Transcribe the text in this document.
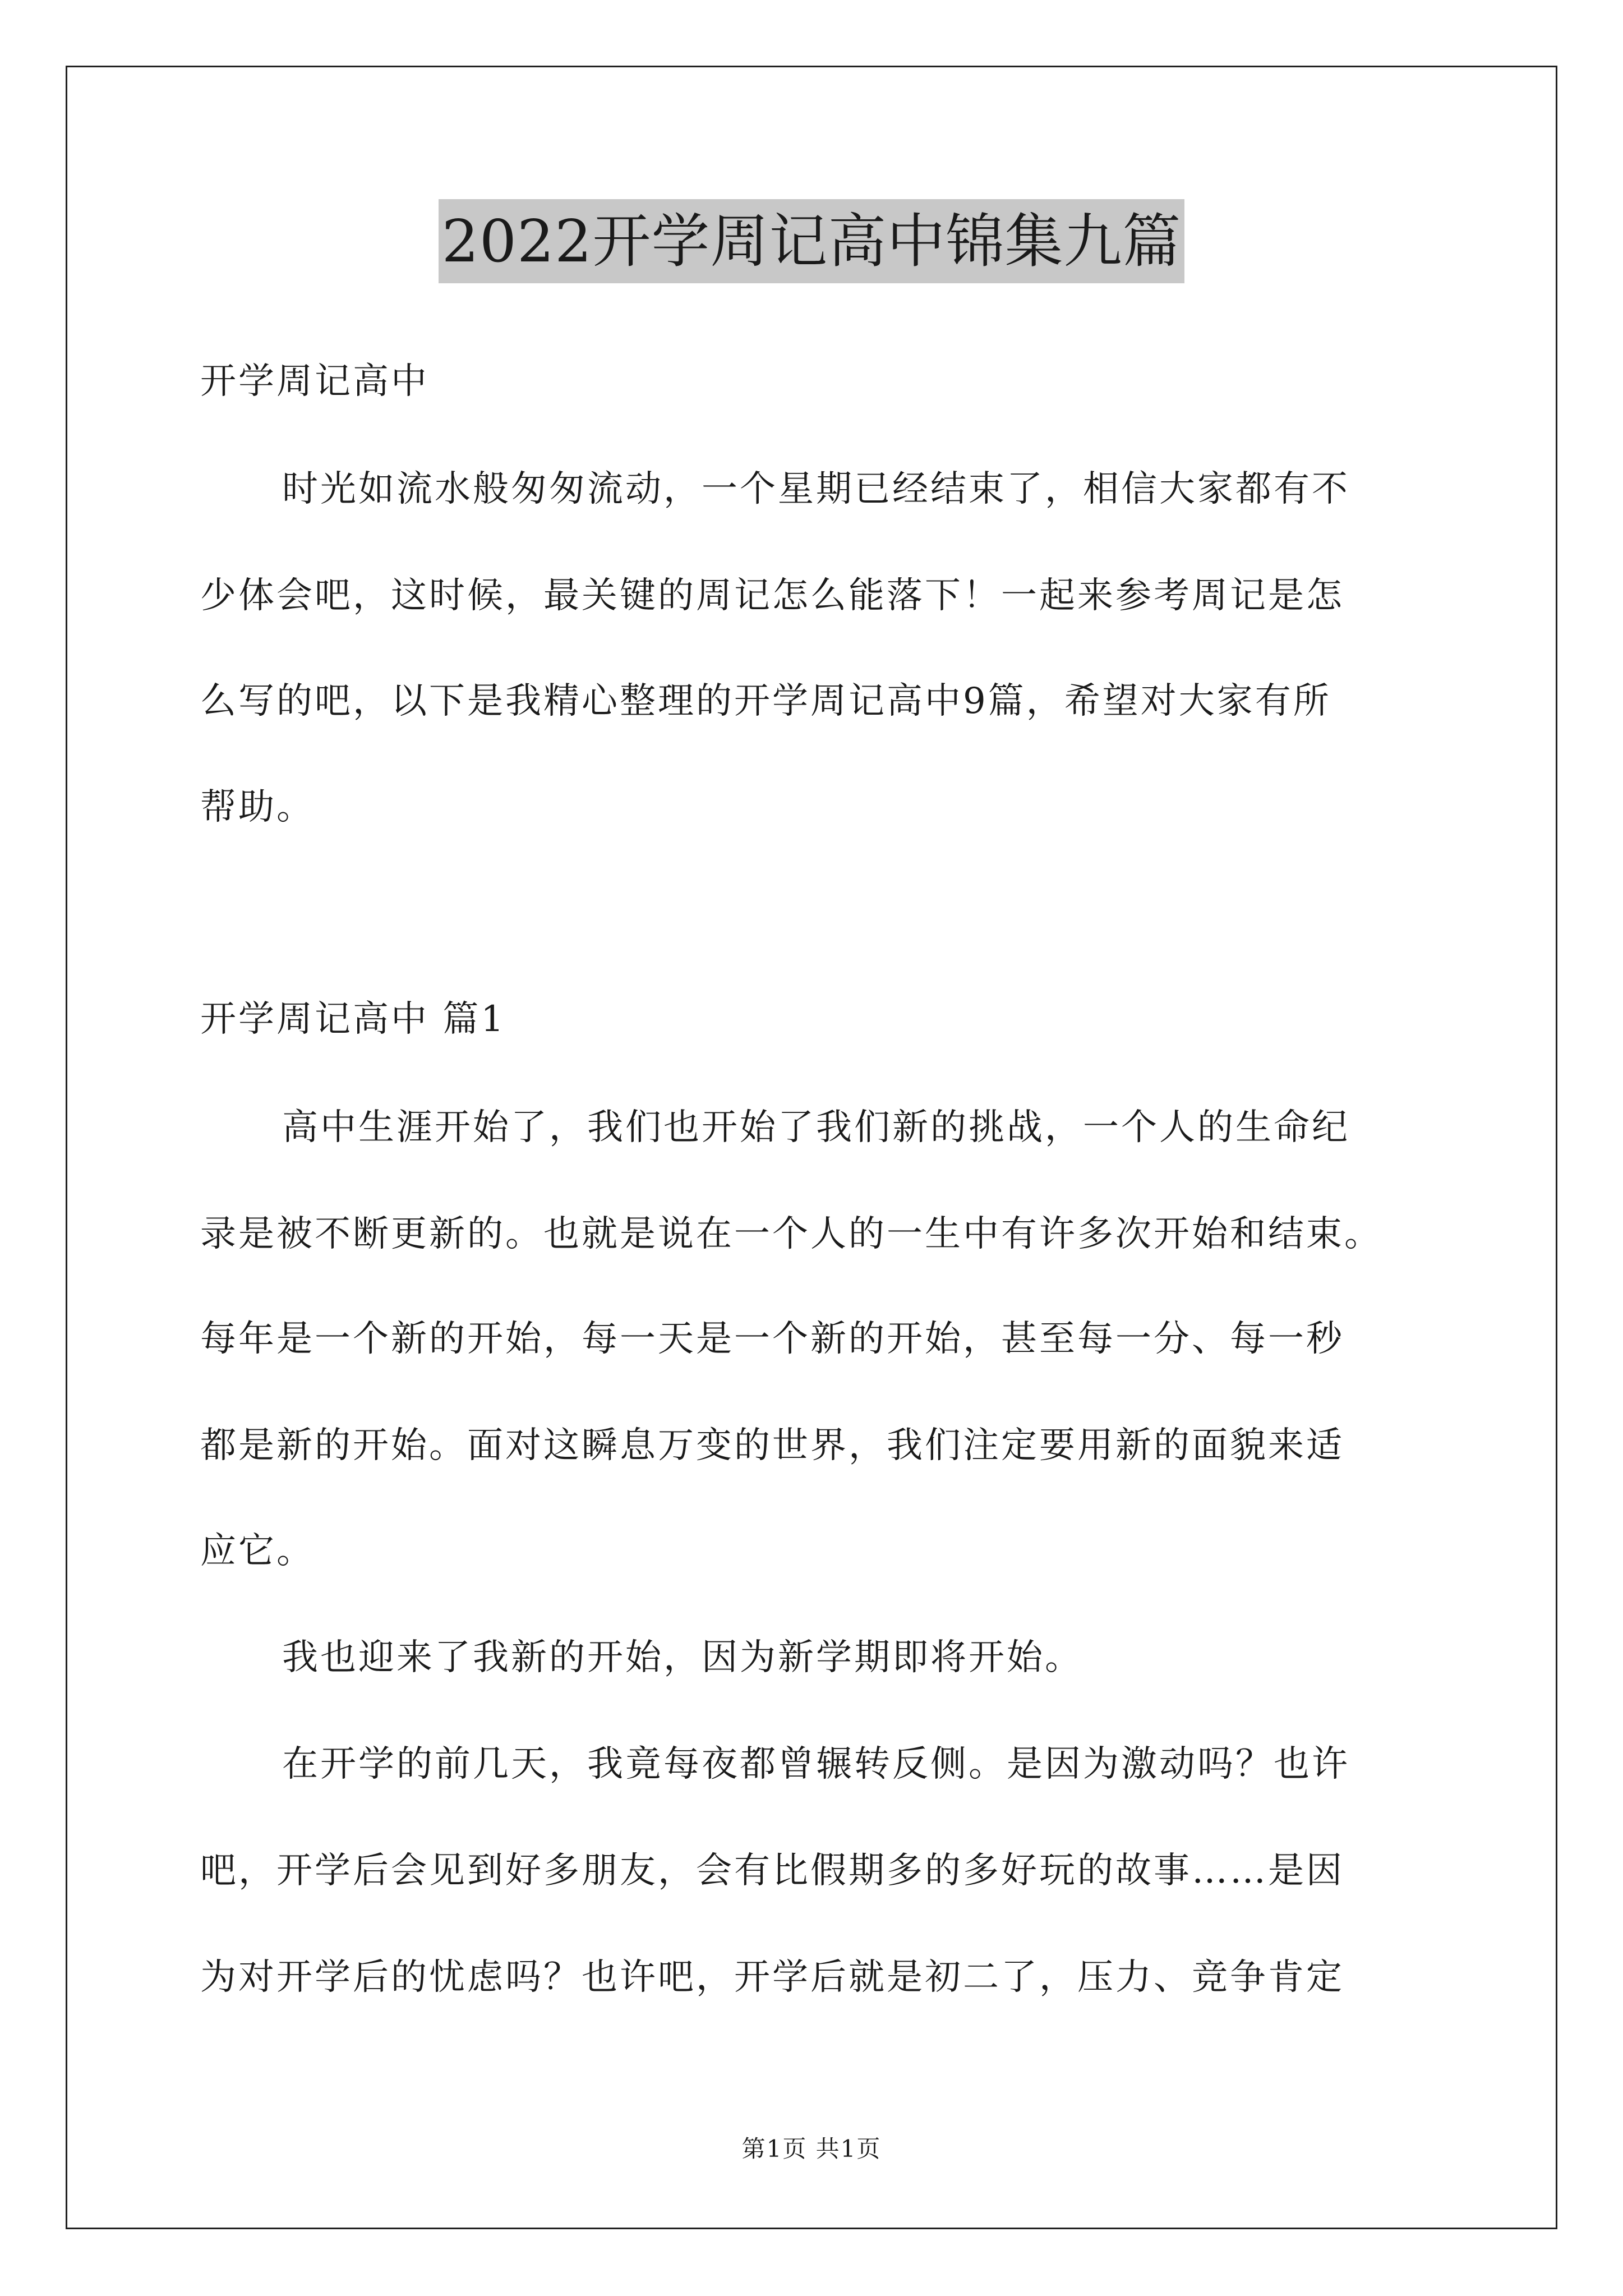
2022开学周记高中锦集九篇
开学周记高中
时光如流水般匆匆流动，一个星期已经结束了，相信大家都有不
少体会吧，这时候，最关键的周记怎么能落下！一起来参考周记是怎
么写的吧，以下是我精心整理的开学周记高中9篇，希望对大家有所
帮助。
开学周记高中 篇1
高中生涯开始了，我们也开始了我们新的挑战，一个人的生命纪
录是被不断更新的。也就是说在一个人的一生中有许多次开始和结束。
每年是一个新的开始，每一天是一个新的开始，甚至每一分、每一秒
都是新的开始。面对这瞬息万变的世界，我们注定要用新的面貌来适
应它。
我也迎来了我新的开始，因为新学期即将开始。
在开学的前几天，我竟每夜都曾辗转反侧。是因为激动吗？也许
吧，开学后会见到好多朋友，会有比假期多的多好玩的故事……是因
为对开学后的忧虑吗？也许吧，开学后就是初二了，压力、竞争肯定
第1页 共1页
